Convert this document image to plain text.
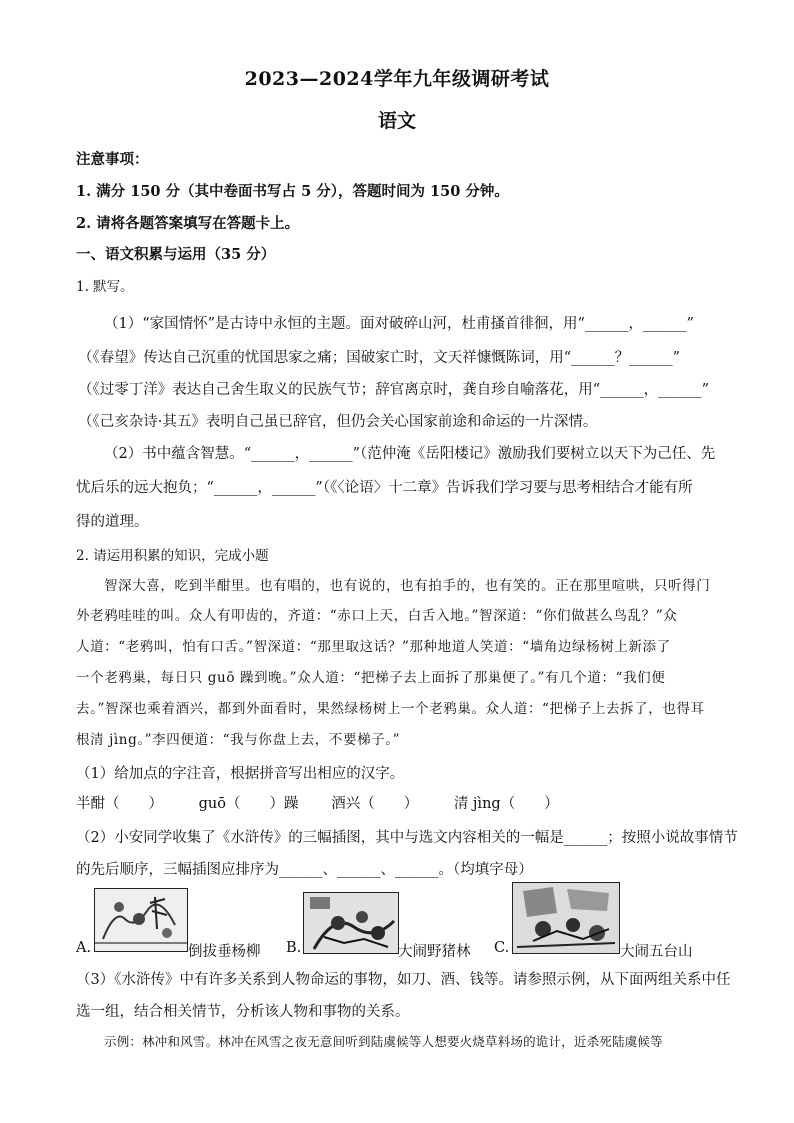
2023—2024学年九年级调研考试
语文
注意事项：
1. 满分 150 分（其中卷面书写占 5 分），答题时间为 150 分钟。
2. 请将各题答案填写在答题卡上。
一、语文积累与运用（35 分）
1. 默写。
（1）“家国情怀”是古诗中永恒的主题。面对破碎山河，杜甫搔首徘徊，用“______，______”
（《春望》传达自己沉重的忧国思家之痛；国破家亡时，文天祥慷慨陈词，用“______？______”
（《过零丁洋》表达自己舍生取义的民族气节；辞官离京时，龚自珍自喻落花，用“______，______”
（《己亥杂诗·其五》表明自己虽已辞官，但仍会关心国家前途和命运的一片深情。
（2）书中蕴含智慧。“______，______”（范仲淹《岳阳楼记》激励我们要树立以天下为己任、先
忧后乐的远大抱负；“______，______”（《〈论语〉十二章》告诉我们学习要与思考相结合才能有所
得的道理。
2. 请运用积累的知识，完成小题
智深大喜，吃到半酣里。也有唱的，也有说的，也有拍手的，也有笑的。正在那里喧哄，只听得门
外老鸦哇哇的叫。众人有叩齿的，齐道：“赤口上天，白舌入地。”智深道：“你们做甚么鸟乱？”众
人道：“老鸦叫，怕有口舌。”智深道：“那里取这话？”那种地道人笑道：“墙角边绿杨树上新添了
一个老鸦巢，每日只 guō 躁到晚。”众人道：“把梯子去上面拆了那巢便了。”有几个道：“我们便
去。”智深也乘着酒兴，都到外面看时，果然绿杨树上一个老鸦巢。众人道：“把梯子上去拆了，也得耳
根清 jìng。”李四便道：“我与你盘上去，不要梯子。”
（1）给加点的字注音，根据拼音写出相应的汉字。
半酣（　　） guō（　　）躁 酒兴（　　） 清 jìng（　　）
（2）小安同学收集了《水浒传》的三幅插图，其中与选文内容相关的一幅是______；按照小说故事情节
的先后顺序，三幅插图应排序为______、______、______。（均填字母）
A.	倒拔垂杨柳 B.	大闹野猪林 C.	大闹五台山
（3）《水浒传》中有许多关系到人物命运的事物，如刀、酒、钱等。请参照示例，从下面两组关系中任
选一组，结合相关情节，分析该人物和事物的关系。
示例：林冲和风雪。林冲在风雪之夜无意间听到陆虞候等人想要火烧草料场的诡计，近杀死陆虞候等
